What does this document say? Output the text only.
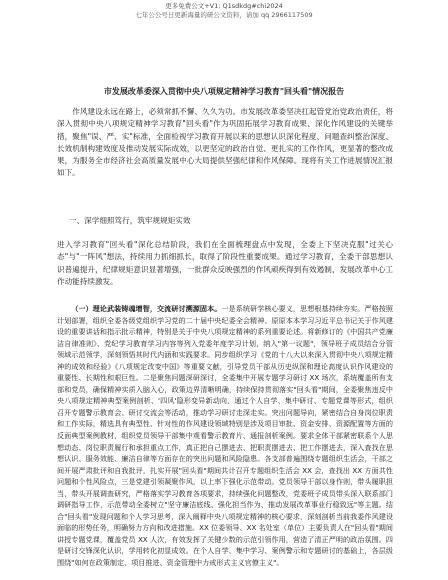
更多免费公文+V1: Q1sdkdg#chi2024
七年公公号日更新海量的研公文资料，请加 qq 2966117509
市发展改革委深入贯彻中央八项规定精神学习教育"回头看"情况报告
作风建设永远在路上，必须常抓不懈、久久为功。市发展改革委坚决扛起管党治党政治责任，将深入贯彻中央八项规定精神学习教育"回头看"作为巩固拓展学习教育成果、深化作风建设的关键举措，聚焦"误、严、实"标准，全面检视学习教育开展以来的思想认识深化程度、问题查纠整治深度、长效机制构建效度及推动发展实际成效，以更坚定的政治自觉、更扎实的工作作风，更显著的整改成果，为服务全市经济社会高质量发展中心大局提供坚强纪律和作风保障。现将有关工作进展情况汇报如下。
一、深学细照笃行，筑牢规规矩实效
进入学习教育"回头看"深化总结阶段，我们在全面梳理盘点中发现，全委上下坚决克服"过关心态"与"一阵风"想法，持续用力抓细抓长，取得了阶段性重要成果。通过学习教育，全委干部思想认识普遍提升，纪律规矩意识显著增强，一批群众反映强烈的作风顽疾得到有效遏制，发展改革中心工作动能持续激发。
（一）理论武装铸魂增智，交流研讨溯源固本。一是系统研学核心要义，思想根基持续夯实。严格按照计划部署，组织全委各级党组织学习党的二十届中央纪委全会精神、原原本本学习习近平总书记关于作风建设的重要讲话和指示批示精神，特别是关于中央八项规定精神的系列重要论述。将新修订的《中国共产党廉洁自律准则》、党纪学习教育学习内容等列入党委年度学习计划，纳入"第一议题"，领导班子成员结合分管领域示范领学，深刻领悟其时代内涵和实践要求。同步组织学习《党的十八大以来深入贯彻中央八项规定精神的成效和经验》《八项规定改变中国》等重要文献，引导党员干部从历史纵深和理论高度认识作风建设的重要性、长期性和艰巨性。二是聚焦问题深研深讨，全委集中开展专题学习研讨 XX 场次，系统覆盖所有支部和党员，确保精神实质入脑入心，政策边界清晰明确，持续保持贯彻落实"回头看"期间，全委聚焦违反中央八项规定精神典型案例剖析、'四风'隐形变异新动向，通过个人自学、集中研讨、专题党课等形式，组织召开专题警示教育会、研讨交流会等活动，推动学习研讨走深走实。突出问题导向，紧密结合自身岗位职责和工作实际，精选具有典型性、针对性的作风建设领域特别是涉及项目审批、资金安排、资源配置等方面的反面典型案例教材，组织党员领导干部集中观看警示教育片、通报剖析案例。要求全体干部紧密联系个人思想动态、岗位职责履行和承担重点工作，真正把自己摆进去、把职责摆进去、把工作摆进去，深入查找在思想认识、服务效能、廉洁自律等方面存在的突出问题和风险隐患。各支部普遍围绕专题组织生活会，干部之间开展严肃批评和自我批评，扎实开展"回头看"期间共计召开专题组织生活会 XX 会，查找出 XX 方面共性问题和个性风险点，三是党建引领凝聚作风，以上率下强化示范带动。党员领导干部以身作则，带头履职担当，带头开展调查研究，严格落实学习教育各项要求，持续强化问题整改，党委班子成员带头深入联系部门调研指导工作，示范带动全委树立"坚守廉洁底线、强化担当作为、推动发展改革事业行稳致远"等主题。结合"回头看"发现问题和个人学习思考，深入阐释中央八项规定精神的核心要求，深刻剖析当前我委作风建设面临的形势任务，明确努力方向和改进措施。XX 位委领导、XX 名处室（单位）主要负责人在"回头看"期间讲授专题党课，覆盖党员 XX 人次，有效发挥了关键少数的示范引领作用，营造了清正严明的政治氛围。四是研讨交锋深化认识，学用转化初显成效。在个人自学、集中学习、案例警示和专题研讨的基础上，各层级围绕"如何在政策制定、项目推进、资金管理中力戒形式主义官僚主义"。
